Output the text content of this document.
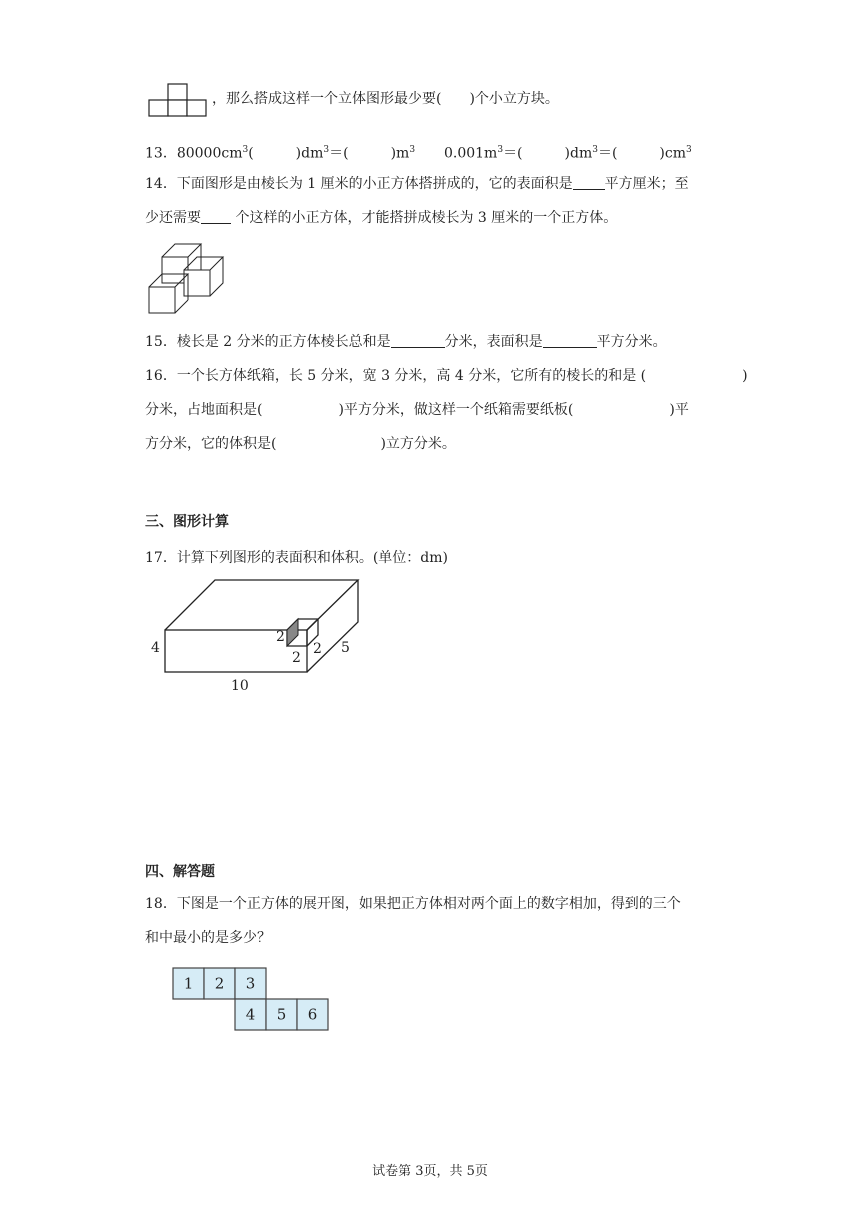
，那么搭成这样一个立体图形最少要(　　)个小立方块。
13．$80000cm^3$(　　　)$dm^3=$(　　　)$m^3$ $0.001m^3=$(　　　)$dm^3=$(　　　)$cm^3$
14．下面图形是由棱长为 1 厘米的小正方体搭拼成的，它的表面积是 平方厘米；至
少还需要 个这样的小正方体，才能搭拼成棱长为 3 厘米的一个正方体。
15．棱长是 2 分米的正方体棱长总和是	分米，表面积是	平方分米。
16．一个长方体纸箱，长 5 分米，宽 3 分米，高 4 分米，它所有的棱长的和是 (	)
分米，占地面积是(	)平方分米，做这样一个纸箱需要纸板(	)平
方分米，它的体积是(	)立方分米。
三、图形计算
17．计算下列图形的表面积和体积。(单位：dm)
4
10
5
2
2
2
四、解答题
18．下图是一个正方体的展开图，如果把正方体相对两个面上的数字相加，得到的三个
和中最小的是多少？
1 2 3
4 5 6
试卷第 3页，共 5页
